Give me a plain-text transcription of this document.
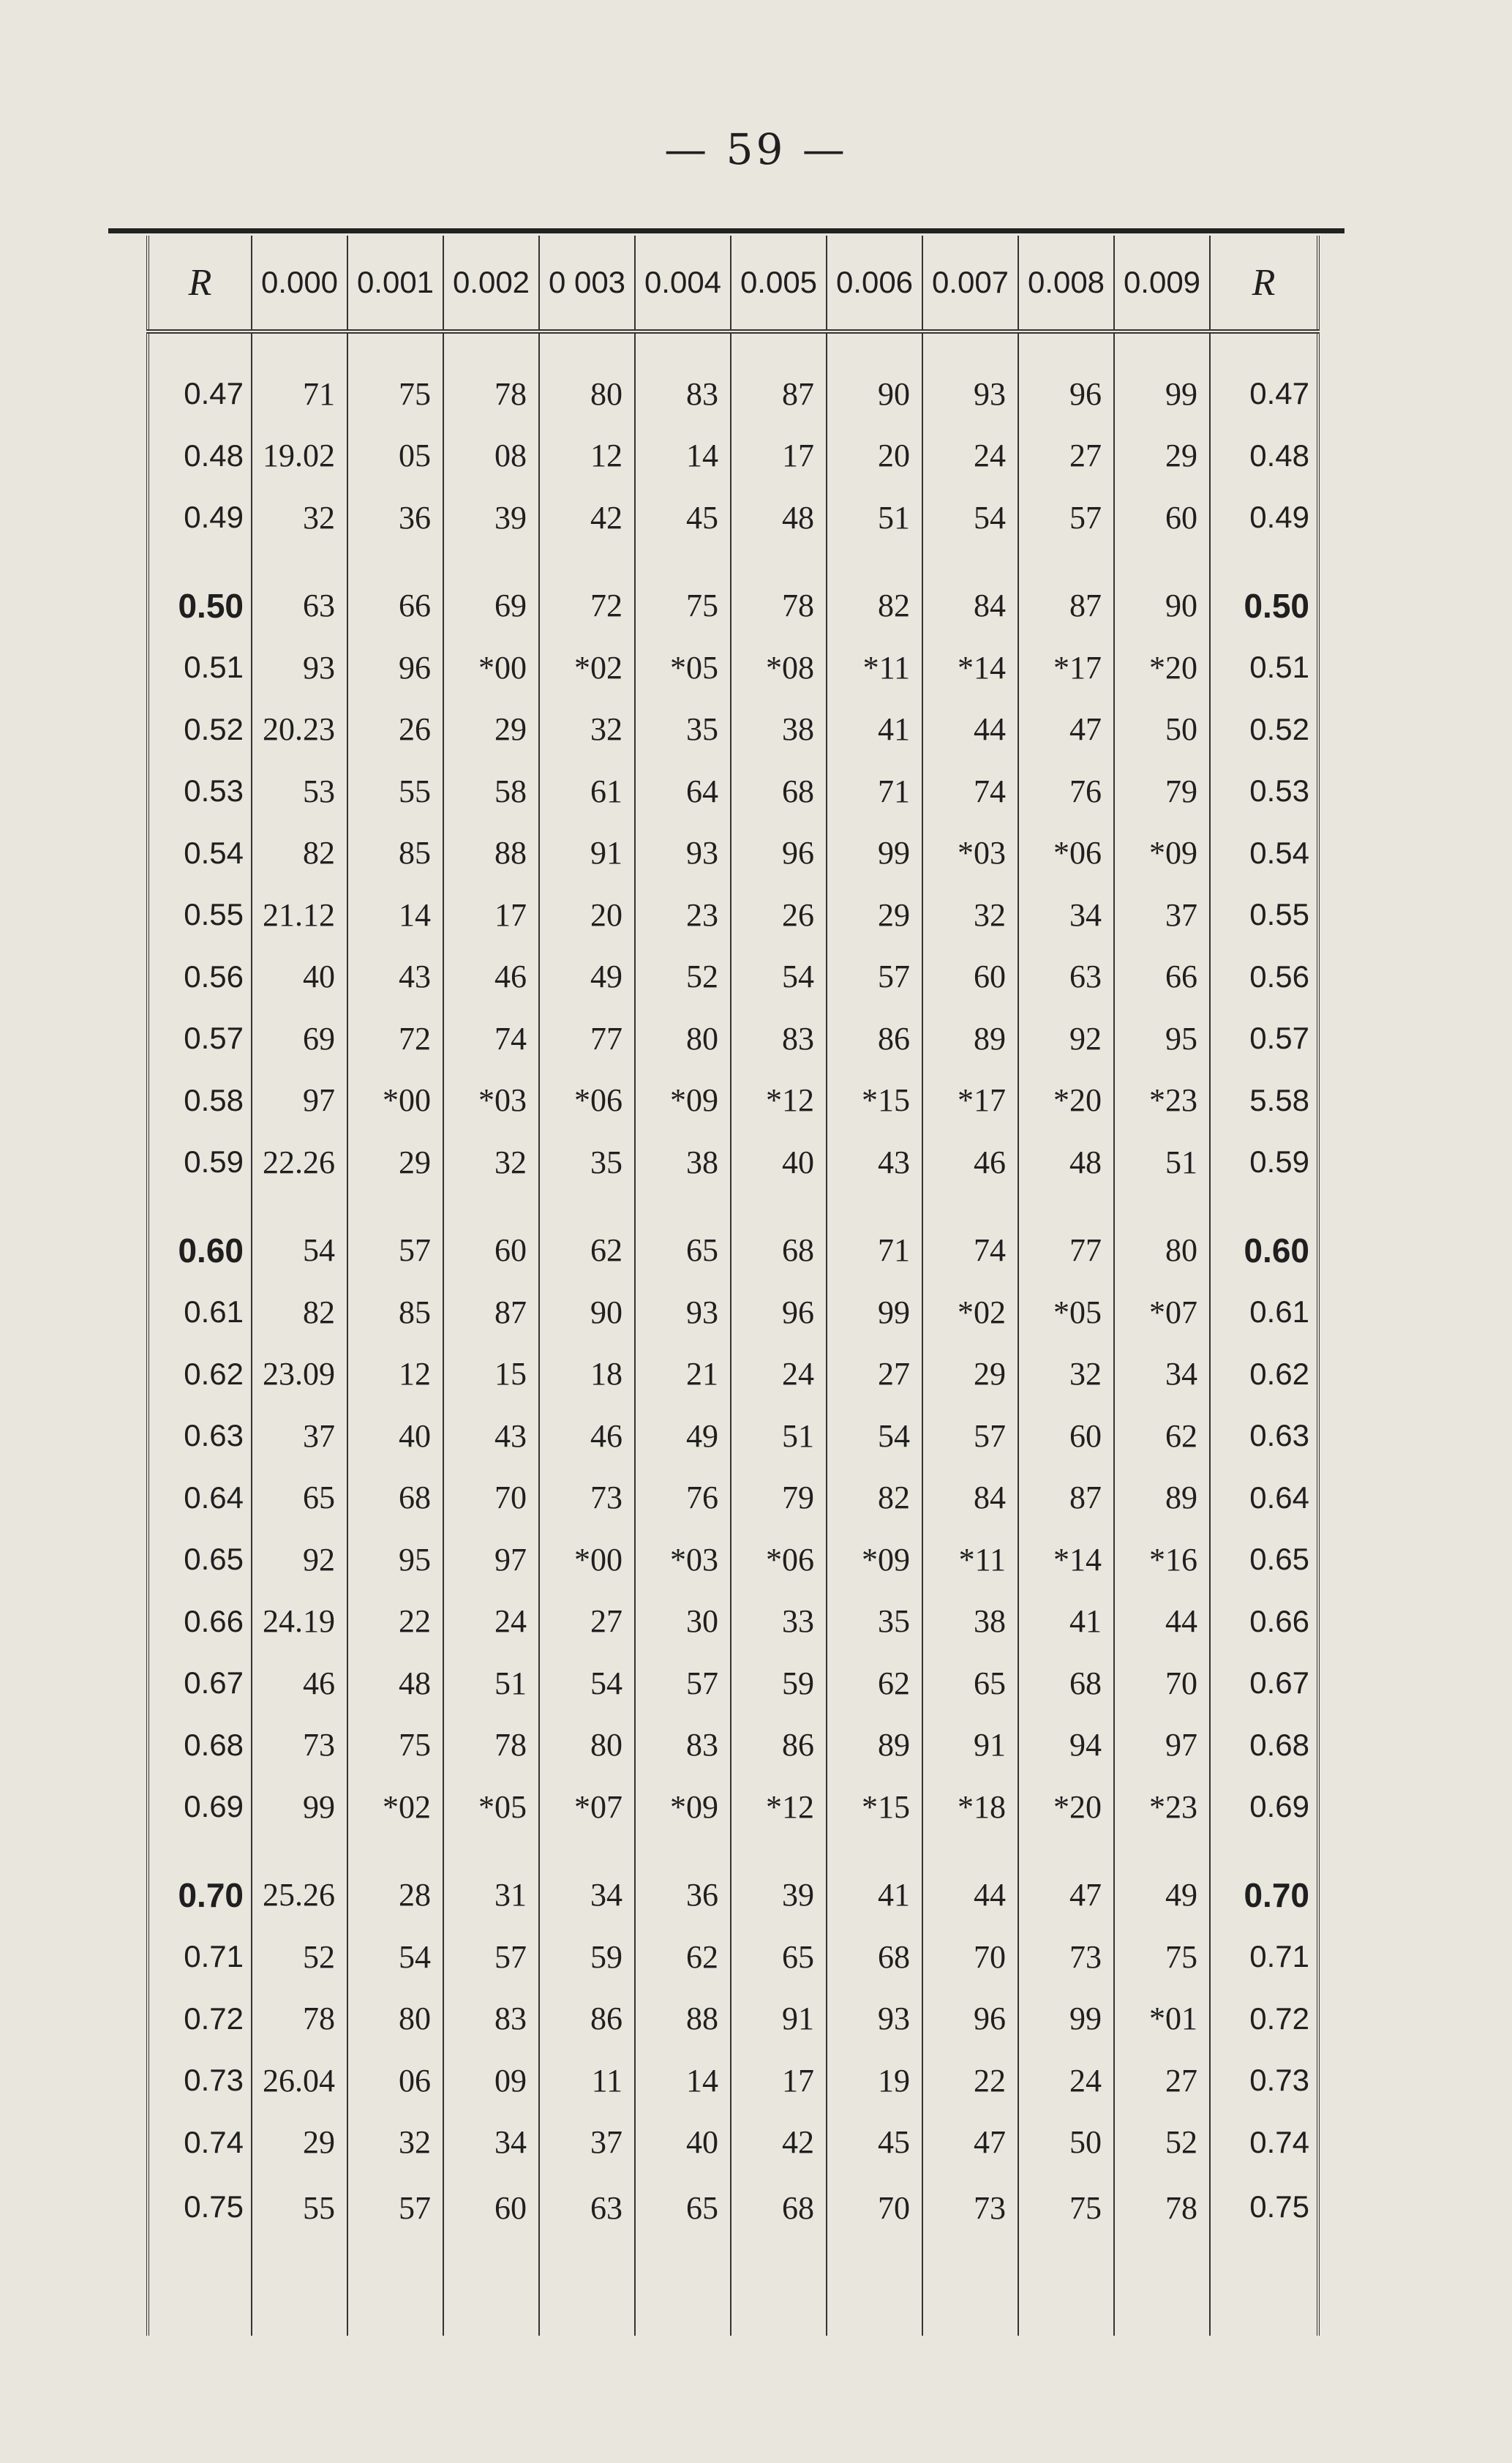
— 59 —
R	0.000	0.001	0.002	0 003	0.004	0.005	0.006	0.007	0.008	0.009	R
0.47	71	75	78	80	83	87	90	93	96	99	0.47
0.48	19.02	05	08	12	14	17	20	24	27	29	0.48
0.49	32	36	39	42	45	48	51	54	57	60	0.49
0.50	63	66	69	72	75	78	82	84	87	90	0.50
0.51	93	96	*00	*02	*05	*08	*11	*14	*17	*20	0.51
0.52	20.23	26	29	32	35	38	41	44	47	50	0.52
0.53	53	55	58	61	64	68	71	74	76	79	0.53
0.54	82	85	88	91	93	96	99	*03	*06	*09	0.54
0.55	21.12	14	17	20	23	26	29	32	34	37	0.55
0.56	40	43	46	49	52	54	57	60	63	66	0.56
0.57	69	72	74	77	80	83	86	89	92	95	0.57
0.58	97	*00	*03	*06	*09	*12	*15	*17	*20	*23	5.58
0.59	22.26	29	32	35	38	40	43	46	48	51	0.59
0.60	54	57	60	62	65	68	71	74	77	80	0.60
0.61	82	85	87	90	93	96	99	*02	*05	*07	0.61
0.62	23.09	12	15	18	21	24	27	29	32	34	0.62
0.63	37	40	43	46	49	51	54	57	60	62	0.63
0.64	65	68	70	73	76	79	82	84	87	89	0.64
0.65	92	95	97	*00	*03	*06	*09	*11	*14	*16	0.65
0.66	24.19	22	24	27	30	33	35	38	41	44	0.66
0.67	46	48	51	54	57	59	62	65	68	70	0.67
0.68	73	75	78	80	83	86	89	91	94	97	0.68
0.69	99	*02	*05	*07	*09	*12	*15	*18	*20	*23	0.69
0.70	25.26	28	31	34	36	39	41	44	47	49	0.70
0.71	52	54	57	59	62	65	68	70	73	75	0.71
0.72	78	80	83	86	88	91	93	96	99	*01	0.72
0.73	26.04	06	09	11	14	17	19	22	24	27	0.73
0.74	29	32	34	37	40	42	45	47	50	52	0.74
0.75	55	57	60	63	65	68	70	73	75	78	0.75
